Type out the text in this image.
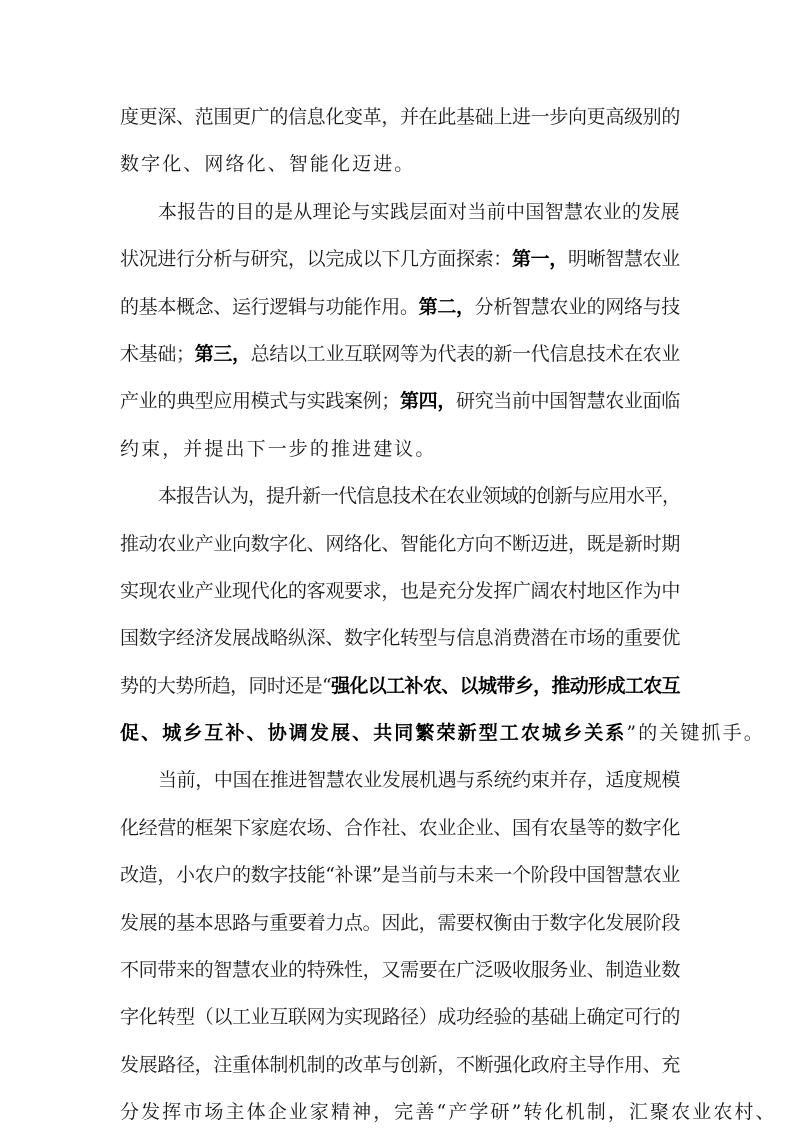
度更深、范围更广的信息化变革，并在此基础上进一步向更高级别的
数字化、网络化、智能化迈进。
本报告的目的是从理论与实践层面对当前中国智慧农业的发展
状况进行分析与研究，以完成以下几方面探索：第一，明晰智慧农业
的基本概念、运行逻辑与功能作用。第二，分析智慧农业的网络与技
术基础；第三，总结以工业互联网等为代表的新一代信息技术在农业
产业的典型应用模式与实践案例；第四，研究当前中国智慧农业面临
约束，并提出下一步的推进建议。
本报告认为，提升新一代信息技术在农业领域的创新与应用水平，
推动农业产业向数字化、网络化、智能化方向不断迈进，既是新时期
实现农业产业现代化的客观要求，也是充分发挥广阔农村地区作为中
国数字经济发展战略纵深、数字化转型与信息消费潜在市场的重要优
势的大势所趋，同时还是“强化以工补农、以城带乡，推动形成工农互
促、城乡互补、协调发展、共同繁荣新型工农城乡关系”的关键抓手。
当前，中国在推进智慧农业发展机遇与系统约束并存，适度规模
化经营的框架下家庭农场、合作社、农业企业、国有农垦等的数字化
改造，小农户的数字技能“补课”是当前与未来一个阶段中国智慧农业
发展的基本思路与重要着力点。因此，需要权衡由于数字化发展阶段
不同带来的智慧农业的特殊性，又需要在广泛吸收服务业、制造业数
字化转型（以工业互联网为实现路径）成功经验的基础上确定可行的
发展路径，注重体制机制的改革与创新，不断强化政府主导作用、充
分发挥市场主体企业家精神，完善“产学研”转化机制，汇聚农业农村、
